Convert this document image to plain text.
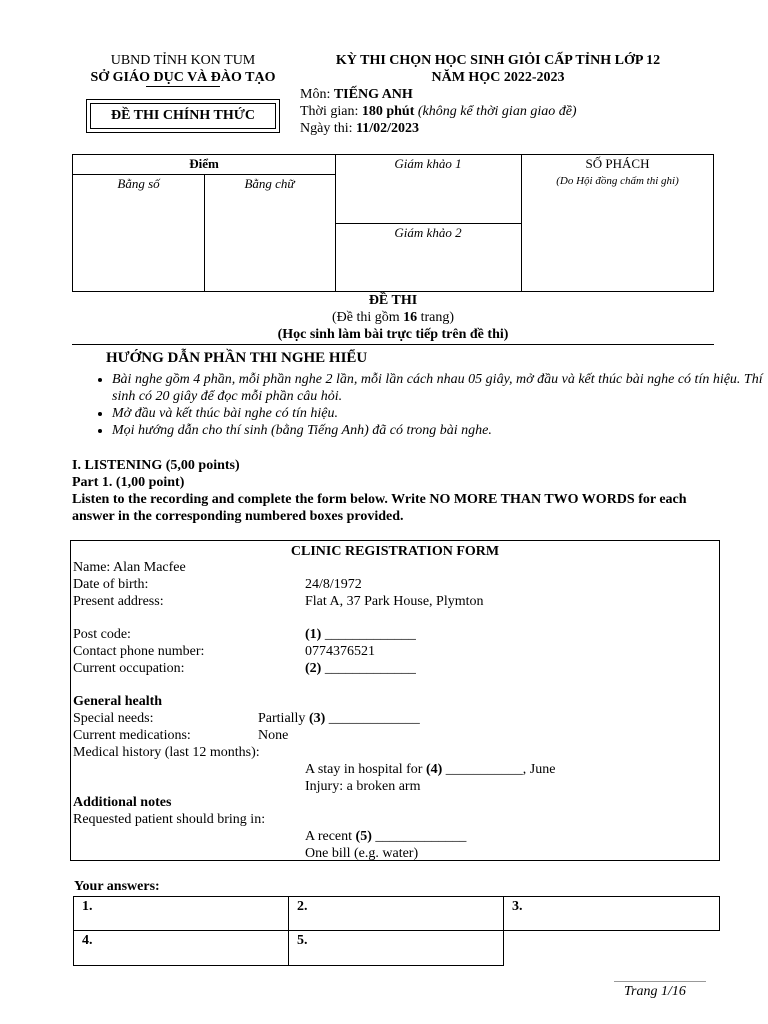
UBND TỈNH KON TUM
SỞ GIÁO DỤC VÀ ĐÀO TẠO
ĐỀ THI CHÍNH THỨC
KỲ THI CHỌN HỌC SINH GIỎI CẤP TỈNH LỚP 12
NĂM HỌC 2022-2023
Môn: TIẾNG ANH
Thời gian: 180 phút (không kể thời gian giao đề)
Ngày thi: 11/02/2023
Điểm
Bằng số	Bằng chữ
Giám khảo 1
Giám khảo 2
SỐ PHÁCH
(Do Hội đồng chấm thi ghi)
ĐỀ THI
(Đề thi gồm 16 trang)
(Học sinh làm bài trực tiếp trên đề thi)
HƯỚNG DẪN PHẦN THI NGHE HIỂU
• Bài nghe gồm 4 phần, mỗi phần nghe 2 lần, mỗi lần cách nhau 05 giây, mở đầu và kết thúc bài nghe có tín hiệu. Thí sinh có 20 giây để đọc mỗi phần câu hỏi.
• Mở đầu và kết thúc bài nghe có tín hiệu.
• Mọi hướng dẫn cho thí sinh (bằng Tiếng Anh) đã có trong bài nghe.
I. LISTENING (5,00 points)
Part 1. (1,00 point)
Listen to the recording and complete the form below. Write NO MORE THAN TWO WORDS for each answer in the corresponding numbered boxes provided.
CLINIC REGISTRATION FORM
Name: Alan Macfee
Date of birth:	24/8/1972
Present address:	Flat A, 37 Park House, Plymton
Post code:	(1) _____________
Contact phone number:	0774376521
Current occupation:	(2) _____________
General health
Special needs:	Partially (3) _____________
Current medications:	None
Medical history (last 12 months):
A stay in hospital for (4) ___________, June
Injury: a broken arm
Additional notes
Requested patient should bring in:
A recent (5) _____________
One bill (e.g. water)
Your answers:
1.	2.	3.
4.	5.
Trang 1/16
